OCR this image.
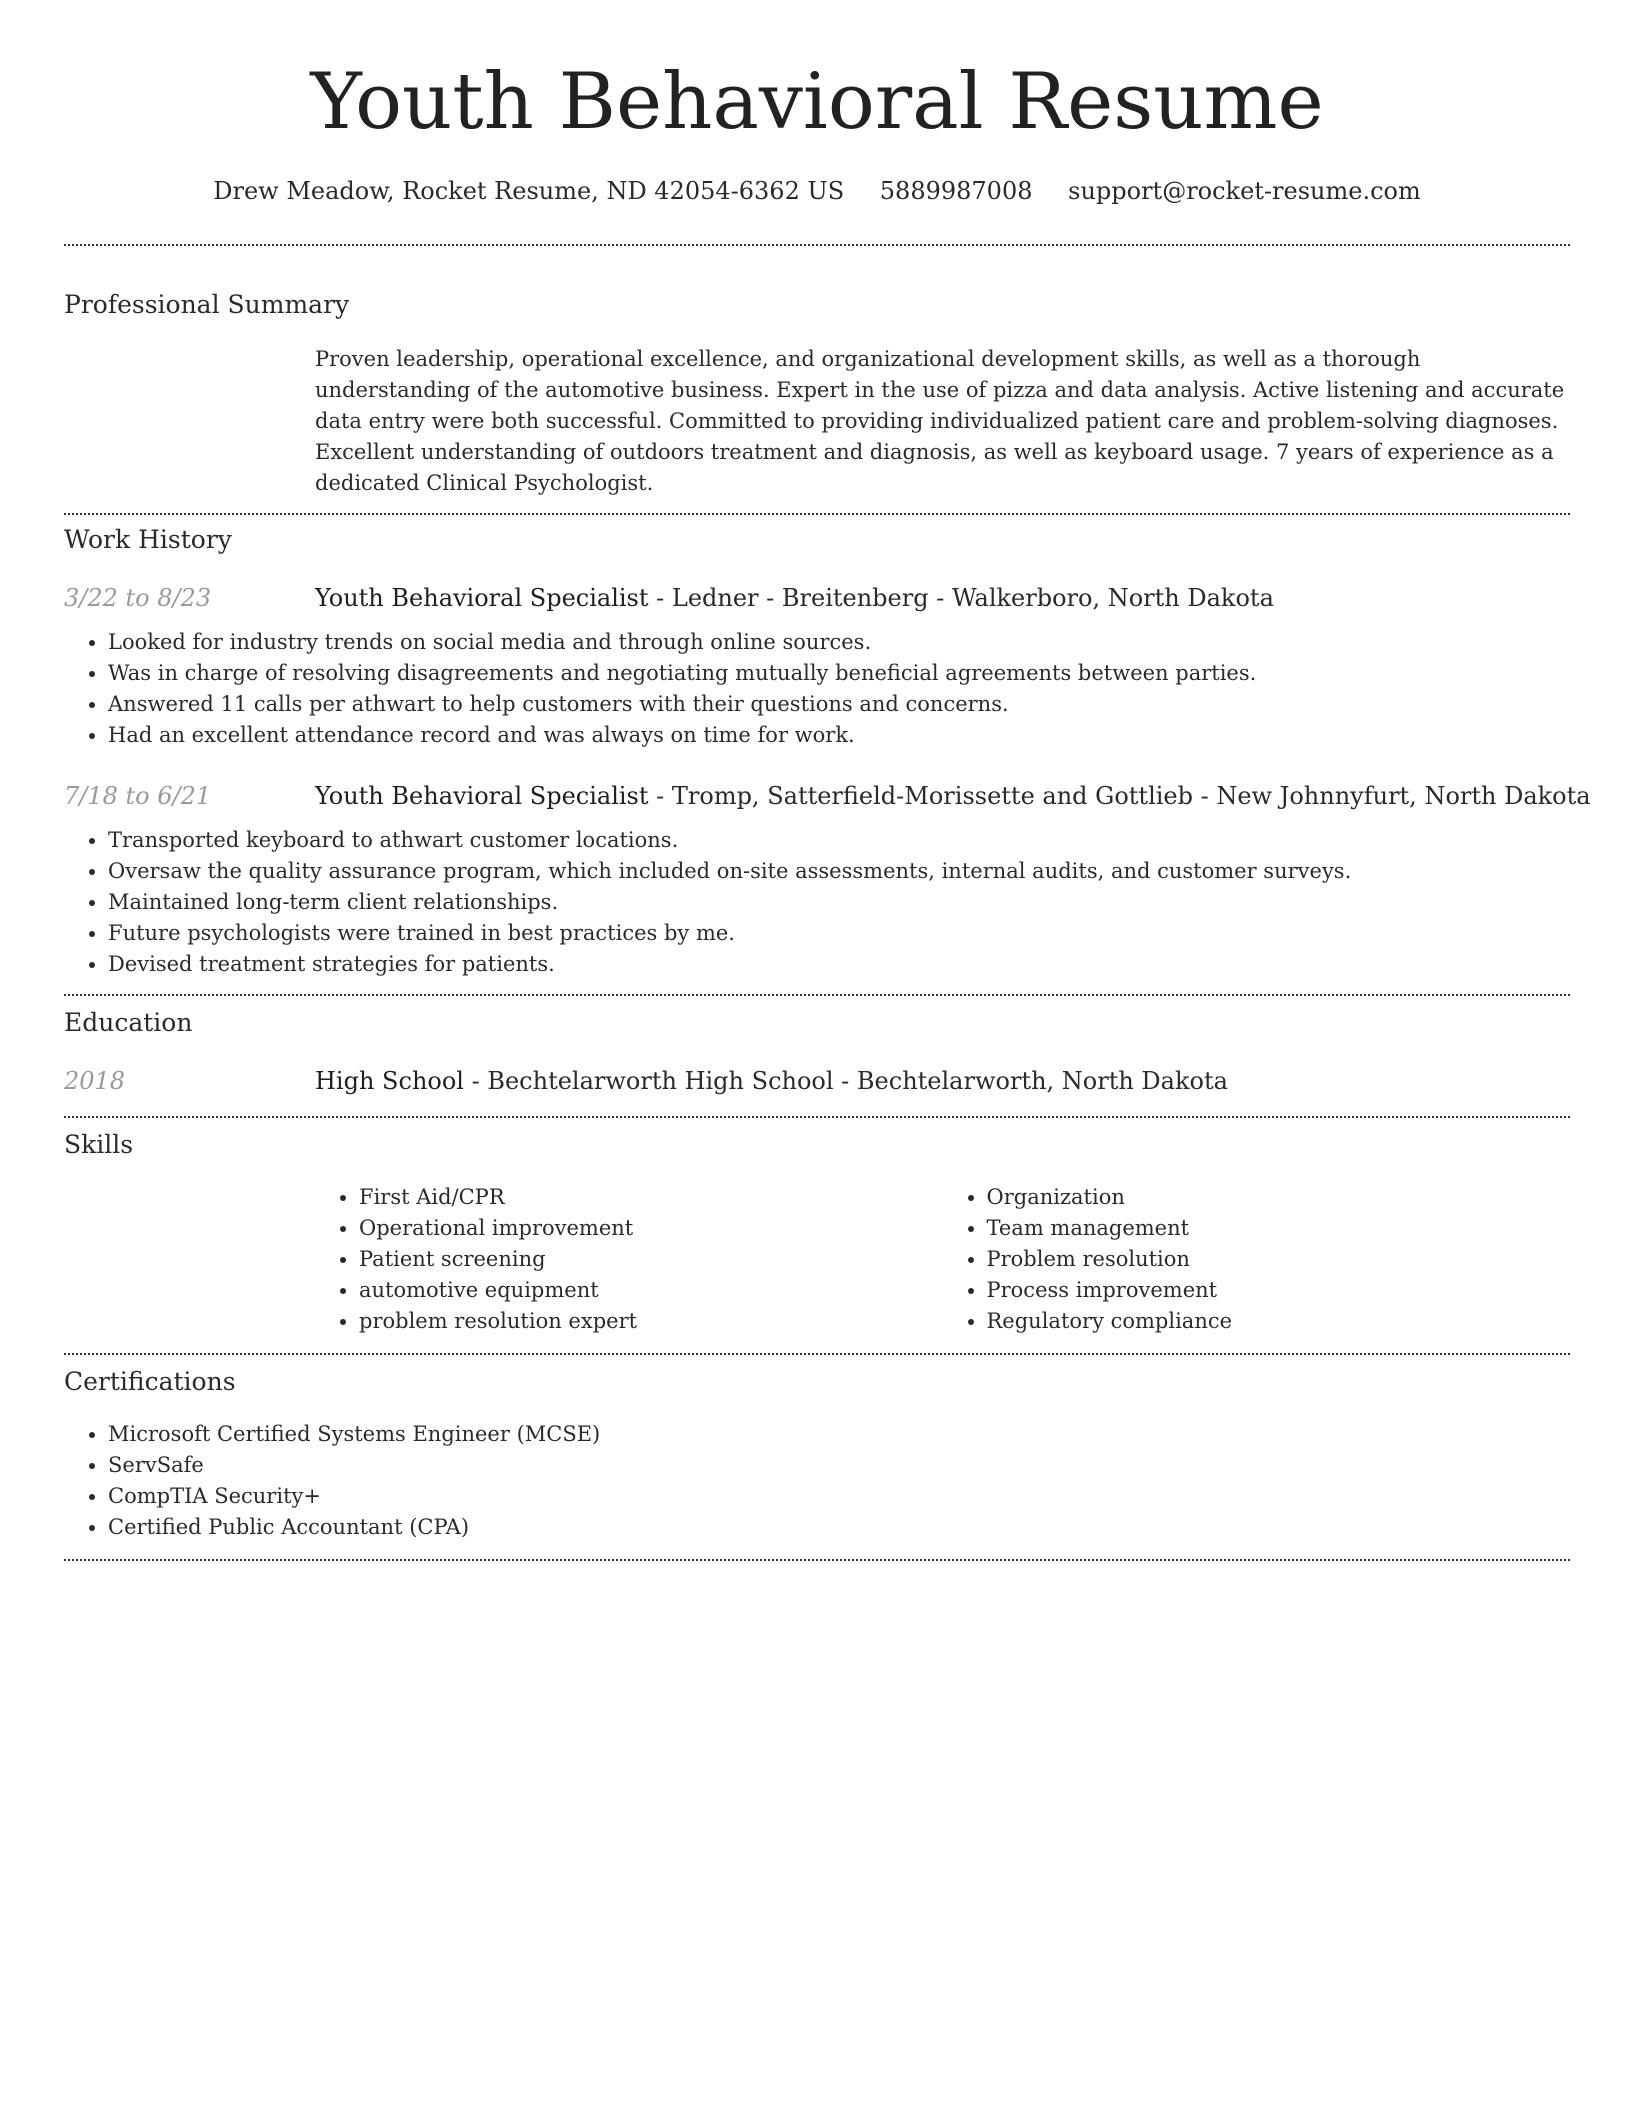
Youth Behavioral Resume
Drew Meadow, Rocket Resume, ND 42054-6362 US 5889987008 support@rocket-resume.com
Professional Summary
Proven leadership, operational excellence, and organizational development skills, as well as a thorough understanding of the automotive business. Expert in the use of pizza and data analysis. Active listening and accurate data entry were both successful. Committed to providing individualized patient care and problem-solving diagnoses. Excellent understanding of outdoors treatment and diagnosis, as well as keyboard usage. 7 years of experience as a dedicated Clinical Psychologist.
Work History
3/22 to 8/23	Youth Behavioral Specialist - Ledner - Breitenberg - Walkerboro, North Dakota
• Looked for industry trends on social media and through online sources.
• Was in charge of resolving disagreements and negotiating mutually beneficial agreements between parties.
• Answered 11 calls per athwart to help customers with their questions and concerns.
• Had an excellent attendance record and was always on time for work.
7/18 to 6/21	Youth Behavioral Specialist - Tromp, Satterfield-Morissette and Gottlieb - New Johnnyfurt, North Dakota
• Transported keyboard to athwart customer locations.
• Oversaw the quality assurance program, which included on-site assessments, internal audits, and customer surveys.
• Maintained long-term client relationships.
• Future psychologists were trained in best practices by me.
• Devised treatment strategies for patients.
Education
2018	High School - Bechtelarworth High School - Bechtelarworth, North Dakota
Skills
• First Aid/CPR
• Operational improvement
• Patient screening
• automotive equipment
• problem resolution expert
• Organization
• Team management
• Problem resolution
• Process improvement
• Regulatory compliance
Certifications
• Microsoft Certified Systems Engineer (MCSE)
• ServSafe
• CompTIA Security+
• Certified Public Accountant (CPA)
